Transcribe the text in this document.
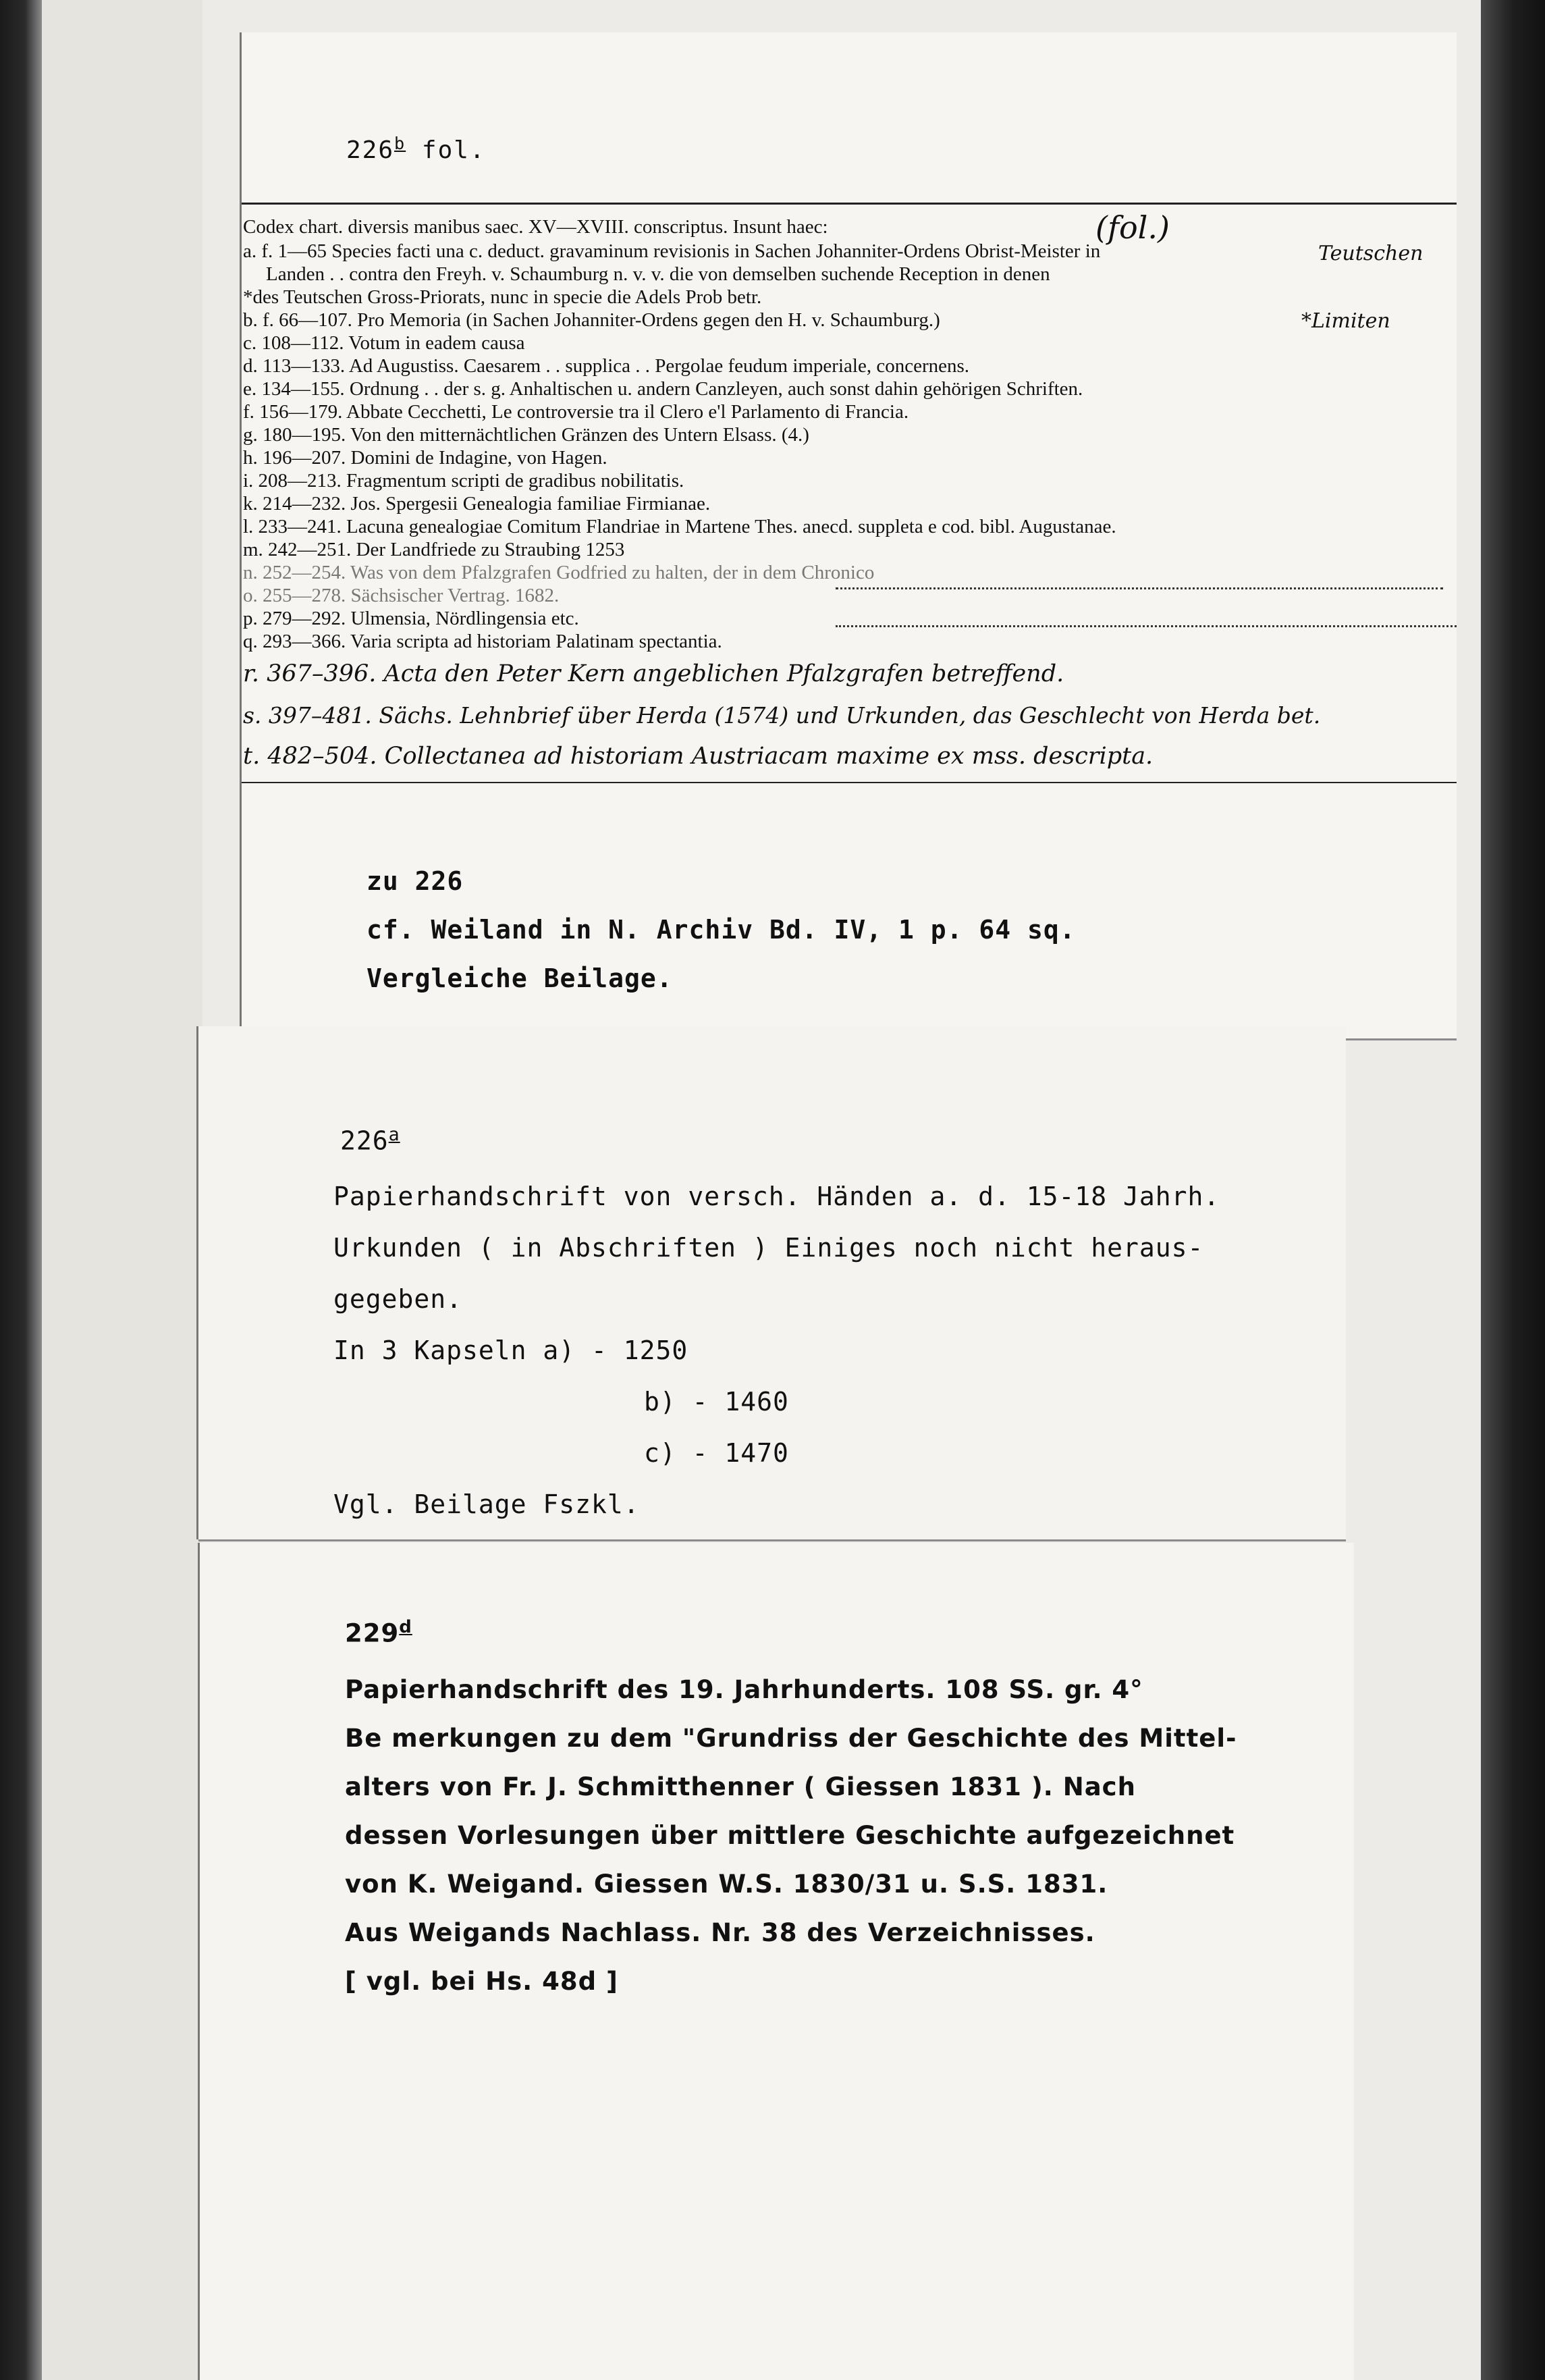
226$^b$ fol.
Codex chart. diversis manibus saec. XV—XVIII. conscriptus. Insunt haec:	(fol.)
Teutschen
a. f. 1—65 Species facti una c. deduct. gravaminum revisionis in Sachen Johanniter-Ordens Obrist-Meister in
Landen . . contra den Freyh. v. Schaumburg n. v. v. die von demselben suchende Reception in denen
*des Teutschen Gross-Priorats, nunc in specie die Adels Prob betr.
*Limiten
b. f. 66—107. Pro Memoria (in Sachen Johanniter-Ordens gegen den H. v. Schaumburg.)
c. 108—112. Votum in eadem causa
d. 113—133. Ad Augustiss. Caesarem . . supplica . . Pergolae feudum imperiale, concernens.
e. 134—155. Ordnung . . der s. g. Anhaltischen u. andern Canzleyen, auch sonst dahin gehörigen Schriften.
f. 156—179. Abbate Cecchetti, Le controversie tra il Clero e'l Parlamento di Francia.
g. 180—195. Von den mitternächtlichen Gränzen des Untern Elsass. (4.)
h. 196—207. Domini de Indagine, von Hagen.
i. 208—213. Fragmentum scripti de gradibus nobilitatis.
k. 214—232. Jos. Spergesii Genealogia familiae Firmianae.
l. 233—241. Lacuna genealogiae Comitum Flandriae in Martene Thes. anecd. suppleta e cod. bibl. Augustanae.
m. 242—251. Der Landfriede zu Straubing 1253
n. 252—254. Was von dem Pfalzgrafen Godfried zu halten, der in dem Chronico
o. 255—278. Sächsischer Vertrag. 1682.
p. 279—292. Ulmensia, Nördlingensia etc.
q. 293—366. Varia scripta ad historiam Palatinam spectantia.
r. 367–396. Acta den Peter Kern angeblichen Pfalzgrafen betreffend.
s. 397–481. Sächs. Lehnbrief über Herda (1574) und Urkunden, das Geschlecht von Herda bet.
t. 482–504. Collectanea ad historiam Austriacam maxime ex mss. descripta.
zu 226
cf. Weiland in N. Archiv Bd. IV, 1 p. 64 sq.
Vergleiche Beilage.
226$^a$
Papierhandschrift von versch. Händen a. d. 15-18 Jahrh.
Urkunden ( in Abschriften ) Einiges noch nicht heraus-
gegeben.
In 3 Kapseln a) - 1250
b) - 1460
c) - 1470
Vgl. Beilage Fszkl.
229$^d$
Papierhandschrift des 19. Jahrhunderts. 108 SS. gr. 4°
Be merkungen zu dem "Grundriss der Geschichte des Mittel-
alters von Fr. J. Schmitthenner ( Giessen 1831 ). Nach
dessen Vorlesungen über mittlere Geschichte aufgezeichnet
von K. Weigand. Giessen W.S. 1830/31 u. S.S. 1831.
Aus Weigands Nachlass. Nr. 38 des Verzeichnisses.
[ vgl. bei Hs. 48d ]
